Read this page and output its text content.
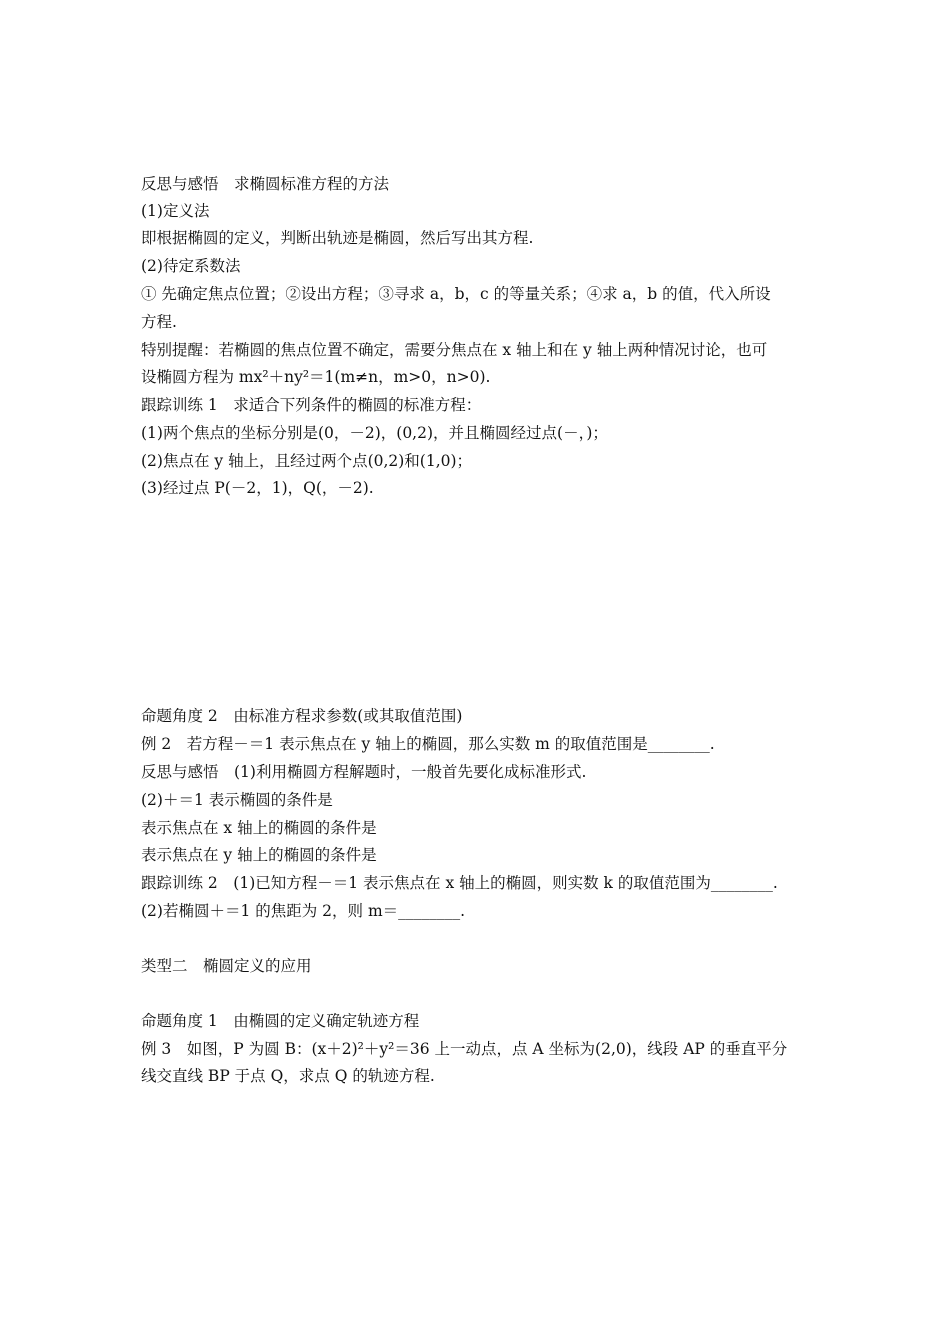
反思与感悟　求椭圆标准方程的方法
(1)定义法
即根据椭圆的定义，判断出轨迹是椭圆，然后写出其方程.
(2)待定系数法
① 先确定焦点位置；②设出方程；③寻求 a，b，c 的等量关系；④求 a，b 的值，代入所设
方程.
特别提醒：若椭圆的焦点位置不确定，需要分焦点在 x 轴上和在 y 轴上两种情况讨论，也可
设椭圆方程为 mx²＋ny²＝1(m≠n，m>0，n>0).
跟踪训练 1　求适合下列条件的椭圆的标准方程：
(1)两个焦点的坐标分别是(0，－2)，(0,2)，并且椭圆经过点(－，)；
(2)焦点在 y 轴上，且经过两个点(0,2)和(1,0)；
(3)经过点 P(－2，1)，Q(，－2).
命题角度 2　由标准方程求参数(或其取值范围)
例 2　若方程－＝1 表示焦点在 y 轴上的椭圆，那么实数 m 的取值范围是________.
反思与感悟　(1)利用椭圆方程解题时，一般首先要化成标准形式.
(2)＋＝1 表示椭圆的条件是
表示焦点在 x 轴上的椭圆的条件是
表示焦点在 y 轴上的椭圆的条件是
跟踪训练 2　(1)已知方程－＝1 表示焦点在 x 轴上的椭圆，则实数 k 的取值范围为________.
(2)若椭圆＋＝1 的焦距为 2，则 m＝________.
类型二　椭圆定义的应用
命题角度 1　由椭圆的定义确定轨迹方程
例 3　如图，P 为圆 B：(x＋2)²＋y²＝36 上一动点，点 A 坐标为(2,0)，线段 AP 的垂直平分
线交直线 BP 于点 Q，求点 Q 的轨迹方程.
